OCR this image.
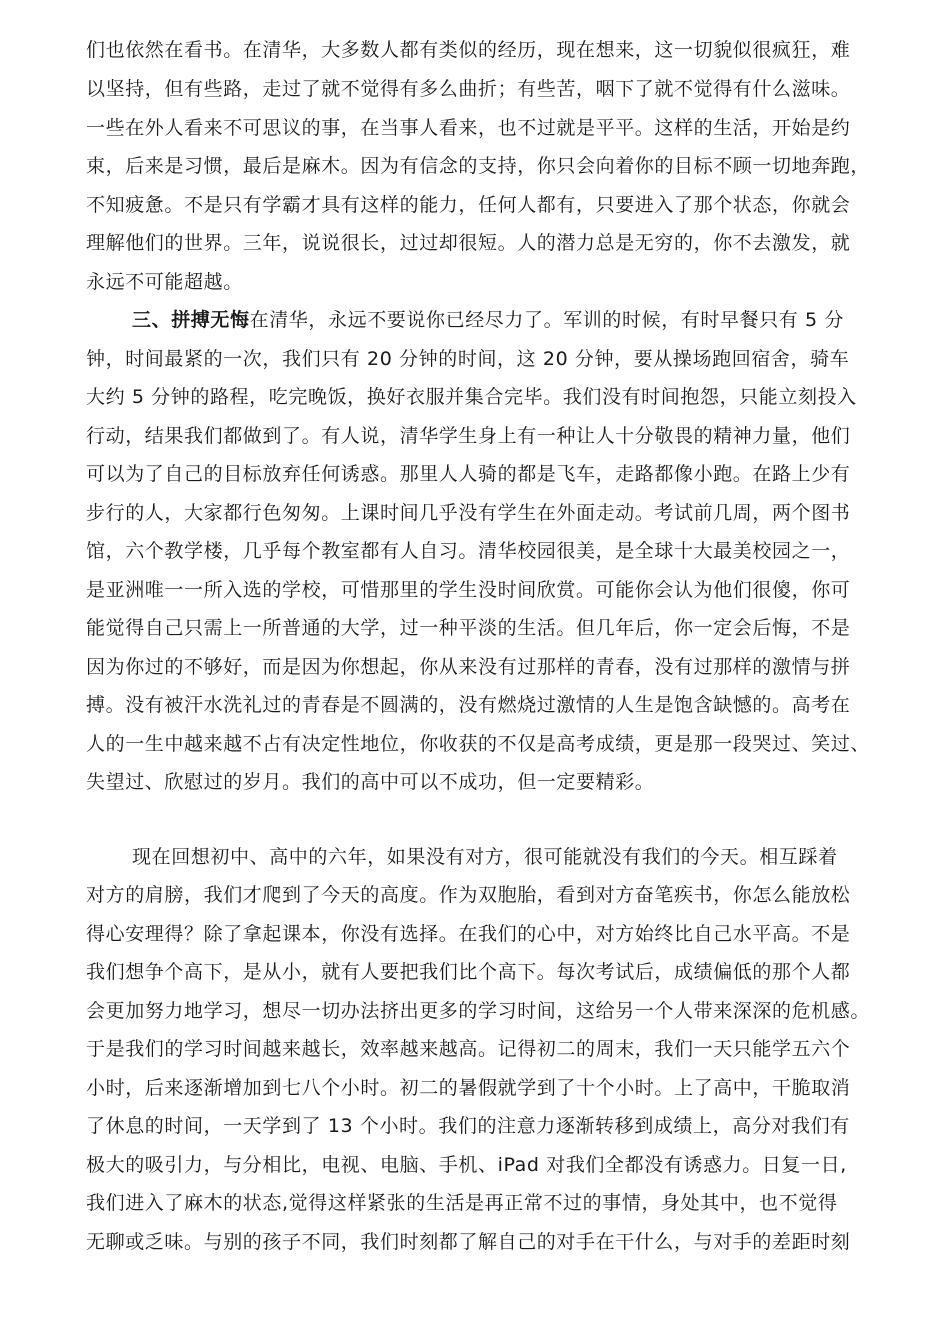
们也依然在看书。在清华，大多数人都有类似的经历，现在想来，这一切貌似很疯狂，难
以坚持，但有些路，走过了就不觉得有多么曲折；有些苦，咽下了就不觉得有什么滋味。
一些在外人看来不可思议的事，在当事人看来，也不过就是平平。这样的生活，开始是约
束，后来是习惯，最后是麻木。因为有信念的支持，你只会向着你的目标不顾一切地奔跑，
不知疲惫。不是只有学霸才具有这样的能力，任何人都有，只要进入了那个状态，你就会
理解他们的世界。三年，说说很长，过过却很短。人的潜力总是无穷的，你不去激发，就
永远不可能超越。
三、拼搏无悔在清华，永远不要说你已经尽力了。军训的时候，有时早餐只有 5 分
钟，时间最紧的一次，我们只有 20 分钟的时间，这 20 分钟，要从操场跑回宿舍，骑车
大约 5 分钟的路程，吃完晚饭，换好衣服并集合完毕。我们没有时间抱怨，只能立刻投入
行动，结果我们都做到了。有人说，清华学生身上有一种让人十分敬畏的精神力量，他们
可以为了自己的目标放弃任何诱惑。那里人人骑的都是飞车，走路都像小跑。在路上少有
步行的人，大家都行色匆匆。上课时间几乎没有学生在外面走动。考试前几周，两个图书
馆，六个教学楼，几乎每个教室都有人自习。清华校园很美，是全球十大最美校园之一，
是亚洲唯一一所入选的学校，可惜那里的学生没时间欣赏。可能你会认为他们很傻，你可
能觉得自己只需上一所普通的大学，过一种平淡的生活。但几年后，你一定会后悔，不是
因为你过的不够好，而是因为你想起，你从来没有过那样的青春，没有过那样的激情与拼
搏。没有被汗水洗礼过的青春是不圆满的，没有燃烧过激情的人生是饱含缺憾的。高考在
人的一生中越来越不占有决定性地位，你收获的不仅是高考成绩，更是那一段哭过、笑过、
失望过、欣慰过的岁月。我们的高中可以不成功，但一定要精彩。
现在回想初中、高中的六年，如果没有对方，很可能就没有我们的今天。相互踩着
对方的肩膀，我们才爬到了今天的高度。作为双胞胎，看到对方奋笔疾书，你怎么能放松
得心安理得？除了拿起课本，你没有选择。在我们的心中，对方始终比自己水平高。不是
我们想争个高下，是从小，就有人要把我们比个高下。每次考试后，成绩偏低的那个人都
会更加努力地学习，想尽一切办法挤出更多的学习时间，这给另一个人带来深深的危机感。
于是我们的学习时间越来越长，效率越来越高。记得初二的周末，我们一天只能学五六个
小时，后来逐渐增加到七八个小时。初二的暑假就学到了十个小时。上了高中，干脆取消
了休息的时间，一天学到了 13 个小时。我们的注意力逐渐转移到成绩上，高分对我们有
极大的吸引力，与分相比，电视、电脑、手机、iPad 对我们全都没有诱惑力。日复一日,
我们进入了麻木的状态,觉得这样紧张的生活是再正常不过的事情，身处其中，也不觉得
无聊或乏味。与别的孩子不同，我们时刻都了解自己的对手在干什么，与对手的差距时刻
